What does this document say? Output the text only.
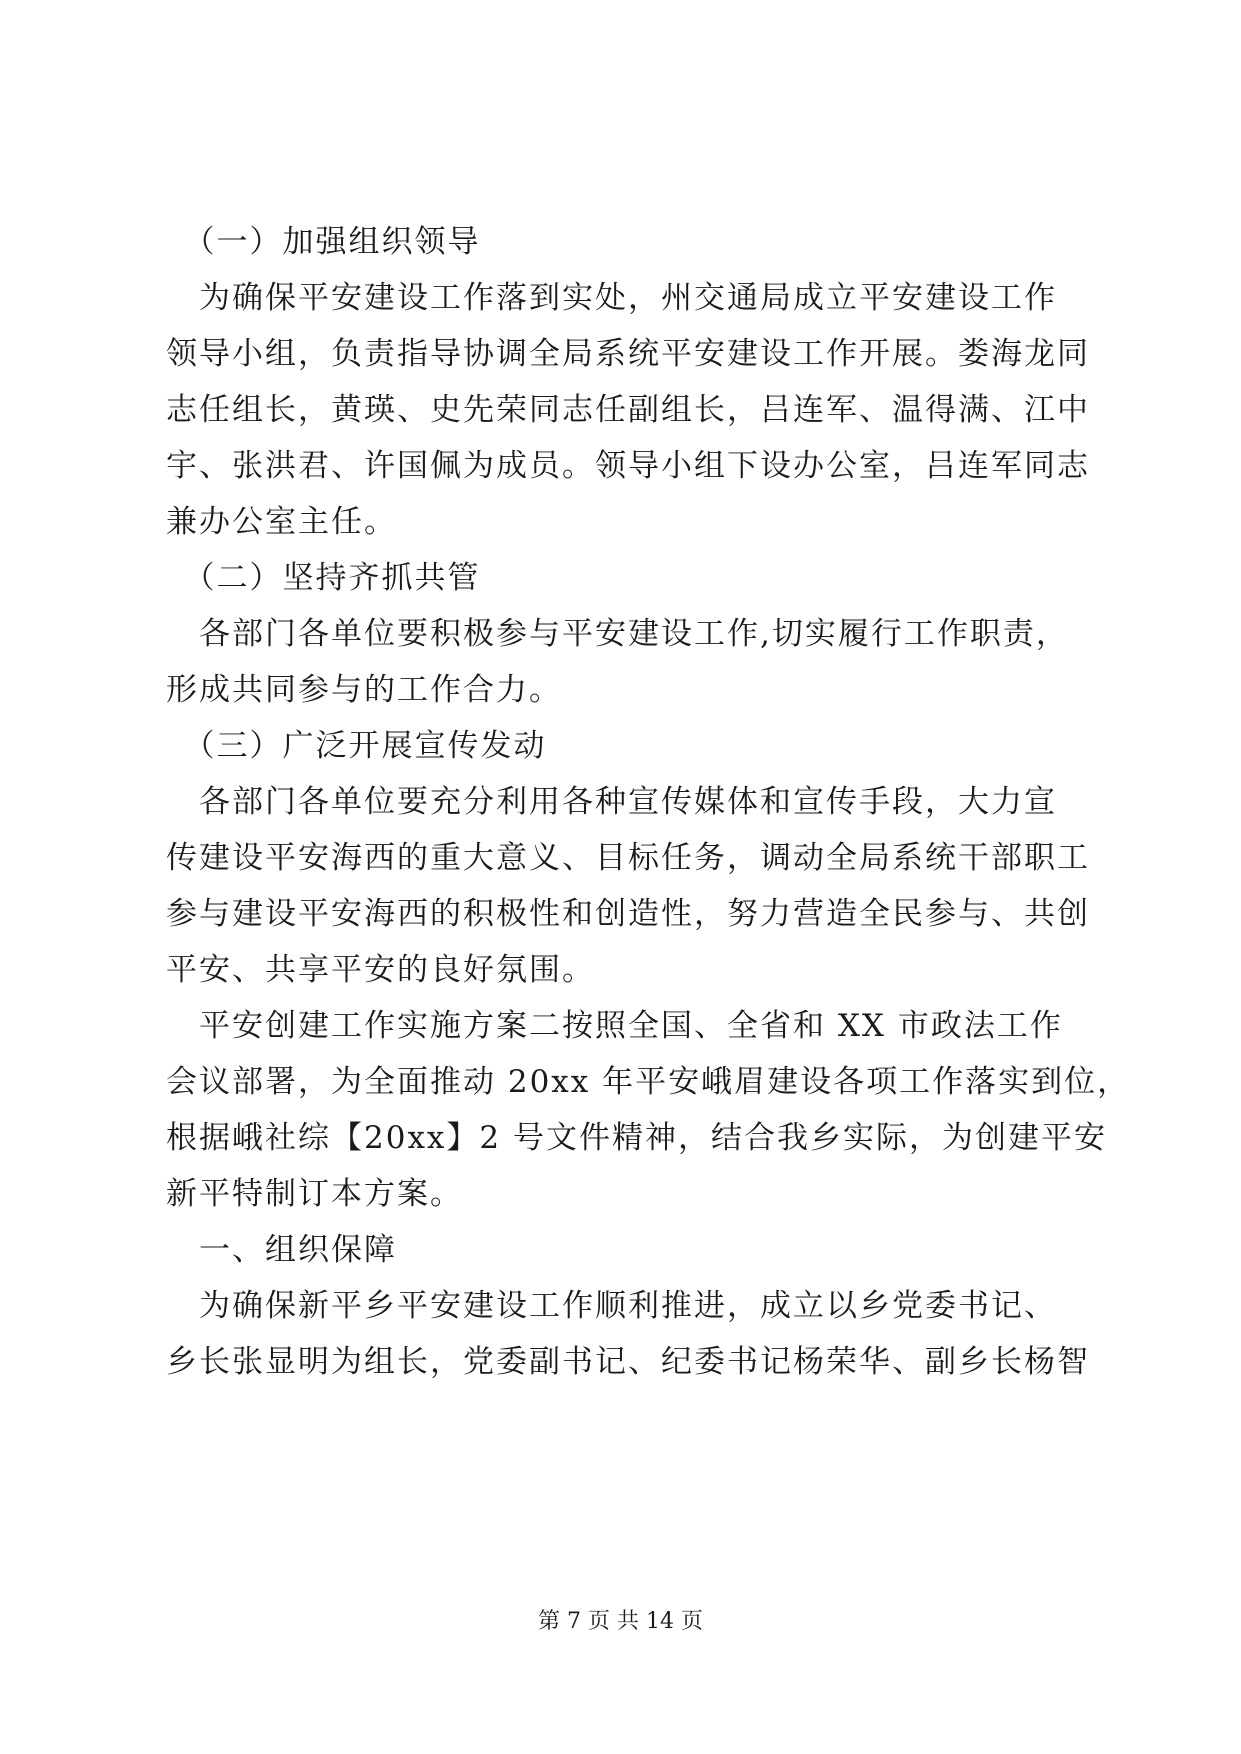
　（一）加强组织领导
　为确保平安建设工作落到实处，州交通局成立平安建设工作
领导小组，负责指导协调全局系统平安建设工作开展。娄海龙同
志任组长，黄瑛、史先荣同志任副组长，吕连军、温得满、江中
宇、张洪君、许国佩为成员。领导小组下设办公室，吕连军同志
兼办公室主任。
　（二）坚持齐抓共管
　各部门各单位要积极参与平安建设工作,切实履行工作职责，
形成共同参与的工作合力。
　（三）广泛开展宣传发动
　各部门各单位要充分利用各种宣传媒体和宣传手段，大力宣
传建设平安海西的重大意义、目标任务，调动全局系统干部职工
参与建设平安海西的积极性和创造性，努力营造全民参与、共创
平安、共享平安的良好氛围。
　平安创建工作实施方案二按照全国、全省和 XX 市政法工作
会议部署，为全面推动 20xx 年平安峨眉建设各项工作落实到位，
根据峨社综【20xx】2 号文件精神，结合我乡实际，为创建平安
新平特制订本方案。
　一、组织保障
　为确保新平乡平安建设工作顺利推进，成立以乡党委书记、
乡长张显明为组长，党委副书记、纪委书记杨荣华、副乡长杨智
第 7 页 共 14 页
